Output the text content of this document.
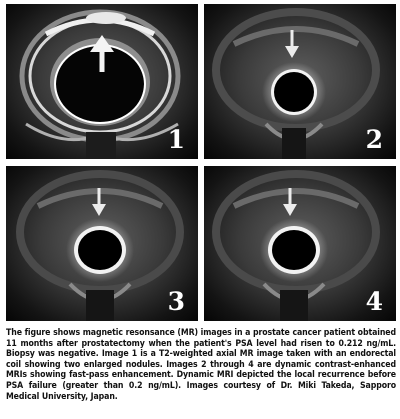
1	2
3	4
The figure shows magnetic resonsance (MR) images in a prostate cancer patient obtained 11 months after prostatectomy when the patient's PSA level had risen to 0.212 ng/mL. Biopsy was negative. Image 1 is a T2-weighted axial MR image taken with an endorectal coil showing two enlarged nodules. Images 2 through 4 are dynamic contrast-enhanced MRIs showing fast-pass enhancement. Dynamic MRI depicted the local recurrence before PSA failure (greater than 0.2 ng/mL). Images courtesy of Dr. Miki Takeda, Sapporo Medical University, Japan.
